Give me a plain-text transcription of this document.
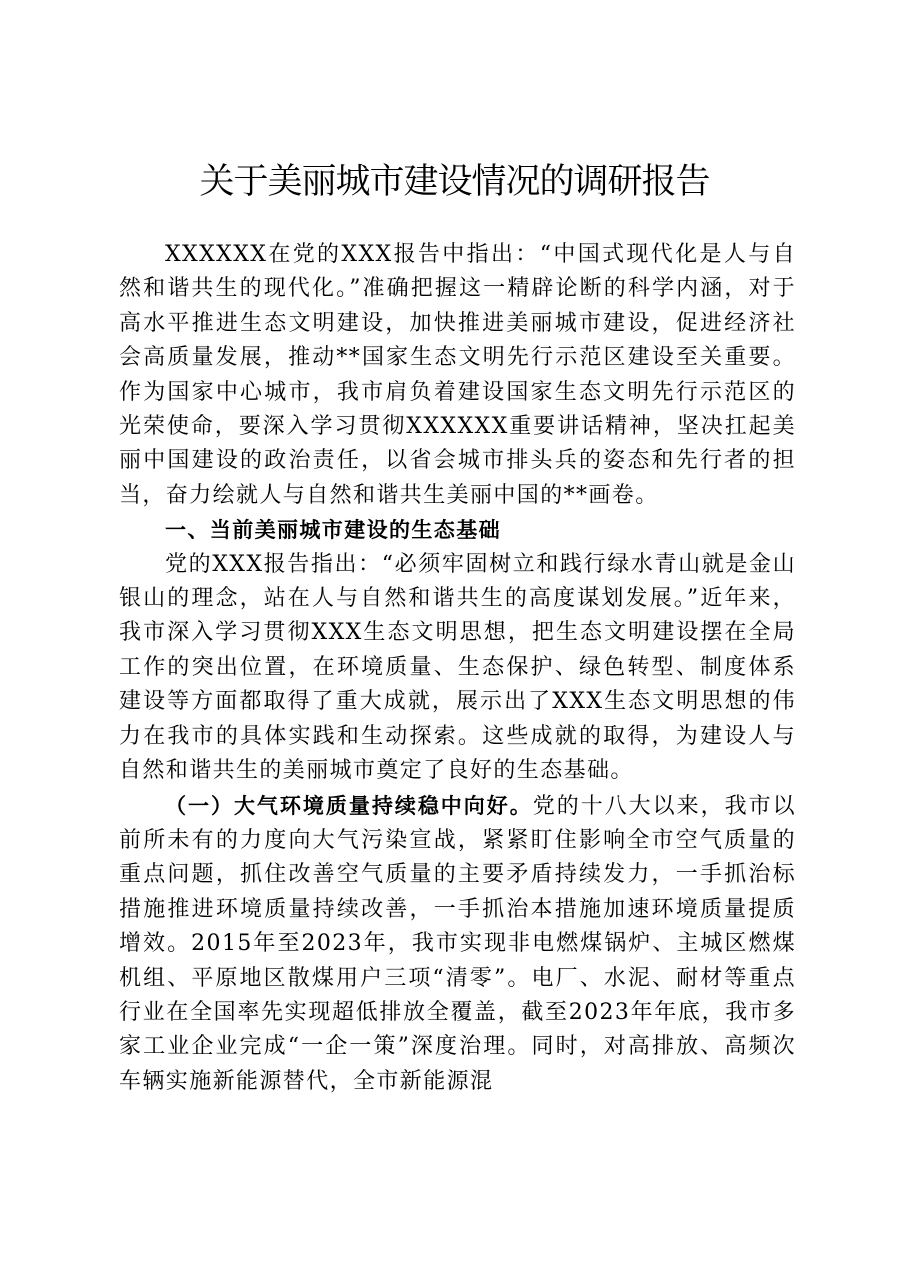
关于美丽城市建设情况的调研报告

XXXXXX在党的XXX报告中指出：“中国式现代化是人与自然和谐共生的现代化。”准确把握这一精辟论断的科学内涵，对于高水平推进生态文明建设，加快推进美丽城市建设，促进经济社会高质量发展，推动**国家生态文明先行示范区建设至关重要。作为国家中心城市，我市肩负着建设国家生态文明先行示范区的光荣使命，要深入学习贯彻XXXXXX重要讲话精神，坚决扛起美丽中国建设的政治责任，以省会城市排头兵的姿态和先行者的担当，奋力绘就人与自然和谐共生美丽中国的**画卷。

一、当前美丽城市建设的生态基础

党的XXX报告指出：“必须牢固树立和践行绿水青山就是金山银山的理念，站在人与自然和谐共生的高度谋划发展。”近年来，我市深入学习贯彻XXX生态文明思想，把生态文明建设摆在全局工作的突出位置，在环境质量、生态保护、绿色转型、制度体系建设等方面都取得了重大成就，展示出了XXX生态文明思想的伟力在我市的具体实践和生动探索。这些成就的取得，为建设人与自然和谐共生的美丽城市奠定了良好的生态基础。

（一）大气环境质量持续稳中向好。党的十八大以来，我市以前所未有的力度向大气污染宣战，紧紧盯住影响全市空气质量的重点问题，抓住改善空气质量的主要矛盾持续发力，一手抓治标措施推进环境质量持续改善，一手抓治本措施加速环境质量提质增效。2015年至2023年，我市实现非电燃煤锅炉、主城区燃煤机组、平原地区散煤用户三项“清零”。电厂、水泥、耐材等重点行业在全国率先实现超低排放全覆盖，截至2023年年底，我市多家工业企业完成“一企一策”深度治理。同时，对高排放、高频次车辆实施新能源替代，全市新能源混
